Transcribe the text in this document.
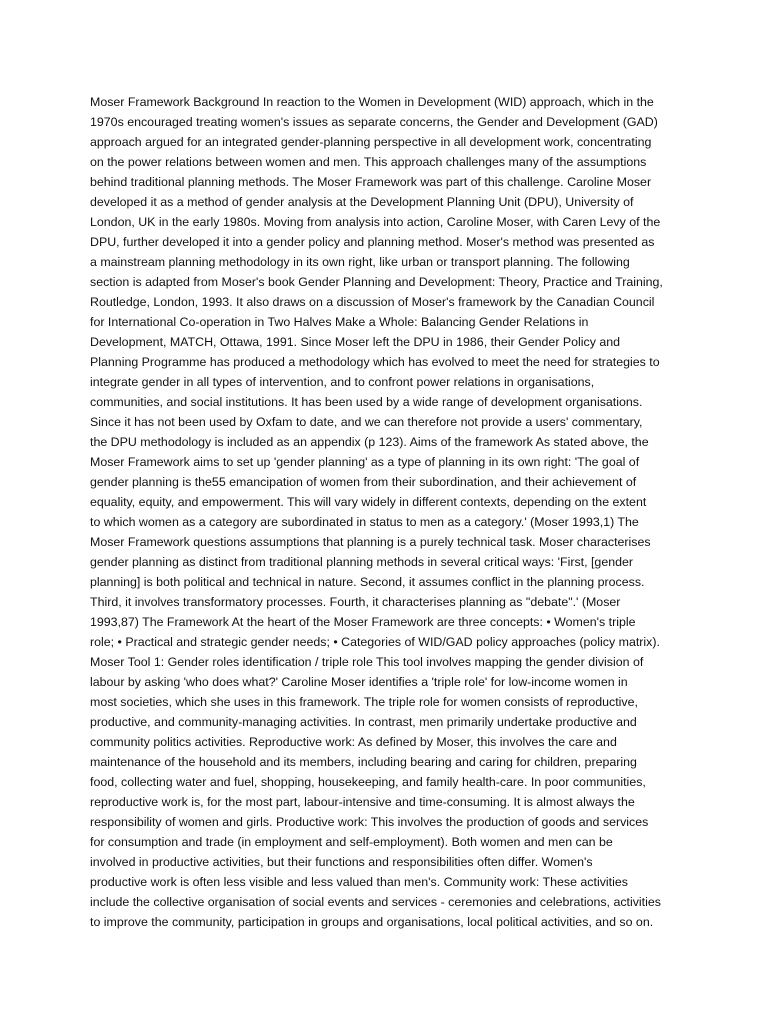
Moser Framework Background In reaction to the Women in Development (WID) approach, which in the
1970s encouraged treating women's issues as separate concerns, the Gender and Development (GAD)
approach argued for an integrated gender-planning perspective in all development work, concentrating
on the power relations between women and men. This approach challenges many of the assumptions
behind traditional planning methods. The Moser Framework was part of this challenge. Caroline Moser
developed it as a method of gender analysis at the Development Planning Unit (DPU), University of
London, UK in the early 1980s. Moving from analysis into action, Caroline Moser, with Caren Levy of the
DPU, further developed it into a gender policy and planning method. Moser's method was presented as
a mainstream planning methodology in its own right, like urban or transport planning. The following
section is adapted from Moser's book Gender Planning and Development: Theory, Practice and Training,
Routledge, London, 1993. It also draws on a discussion of Moser's framework by the Canadian Council
for International Co-operation in Two Halves Make a Whole: Balancing Gender Relations in
Development, MATCH, Ottawa, 1991. Since Moser left the DPU in 1986, their Gender Policy and
Planning Programme has produced a methodology which has evolved to meet the need for strategies to
integrate gender in all types of intervention, and to confront power relations in organisations,
communities, and social institutions. It has been used by a wide range of development organisations.
Since it has not been used by Oxfam to date, and we can therefore not provide a users' commentary,
the DPU methodology is included as an appendix (p 123). Aims of the framework As stated above, the
Moser Framework aims to set up 'gender planning' as a type of planning in its own right: 'The goal of
gender planning is the55 emancipation of women from their subordination, and their achievement of
equality, equity, and empowerment. This will vary widely in different contexts, depending on the extent
to which women as a category are subordinated in status to men as a category.' (Moser 1993,1) The
Moser Framework questions assumptions that planning is a purely technical task. Moser characterises
gender planning as distinct from traditional planning methods in several critical ways: 'First, [gender
planning] is both political and technical in nature. Second, it assumes conflict in the planning process.
Third, it involves transformatory processes. Fourth, it characterises planning as "debate".' (Moser
1993,87) The Framework At the heart of the Moser Framework are three concepts: • Women's triple
role; • Practical and strategic gender needs; • Categories of WID/GAD policy approaches (policy matrix).
Moser Tool 1: Gender roles identification / triple role This tool involves mapping the gender division of
labour by asking 'who does what?' Caroline Moser identifies a 'triple role' for low-income women in
most societies, which she uses in this framework. The triple role for women consists of reproductive,
productive, and community-managing activities. In contrast, men primarily undertake productive and
community politics activities. Reproductive work: As defined by Moser, this involves the care and
maintenance of the household and its members, including bearing and caring for children, preparing
food, collecting water and fuel, shopping, housekeeping, and family health-care. In poor communities,
reproductive work is, for the most part, labour-intensive and time-consuming. It is almost always the
responsibility of women and girls. Productive work: This involves the production of goods and services
for consumption and trade (in employment and self-employment). Both women and men can be
involved in productive activities, but their functions and responsibilities often differ. Women's
productive work is often less visible and less valued than men's. Community work: These activities
include the collective organisation of social events and services - ceremonies and celebrations, activities
to improve the community, participation in groups and organisations, local political activities, and so on.
